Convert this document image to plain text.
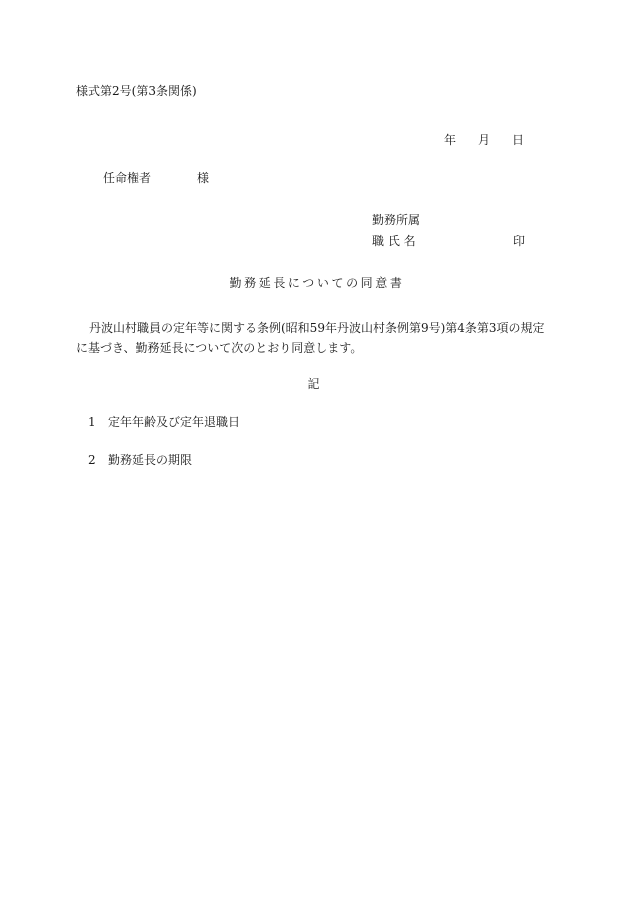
様式第2号(第3条関係)
年 月 日
任命権者	様
勤務所属
職 氏 名	印
勤務延長についての同意書
丹波山村職員の定年等に関する条例(昭和59年丹波山村条例第9号)第4条第3項の規定に基づき、勤務延長について次のとおり同意します。
記
1 定年年齢及び定年退職日
2 勤務延長の期限
